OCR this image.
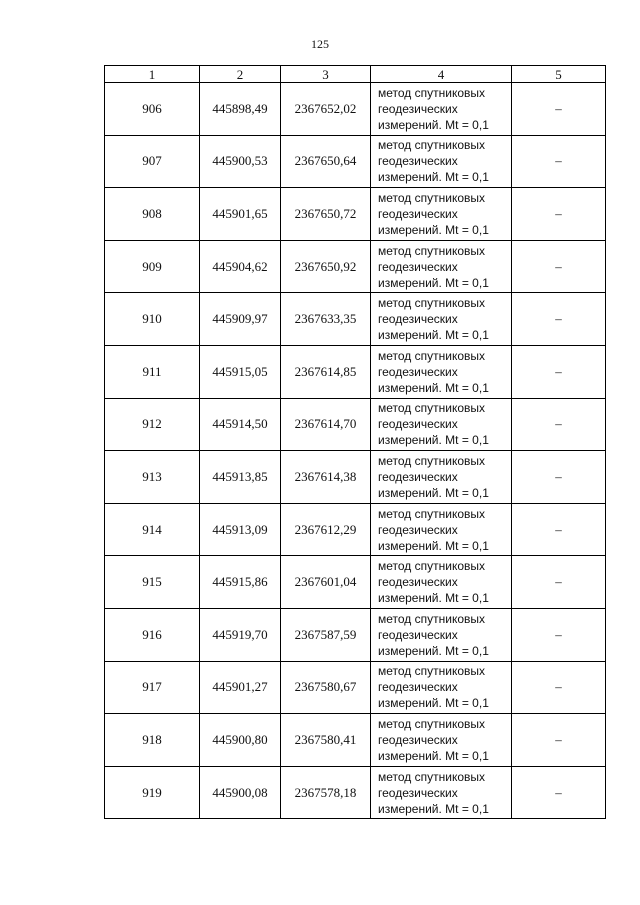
125
1	2	3	4	5
906	445898,49	2367652,02	метод спутниковых
геодезических
измерений. Mt = 0,1	–
907	445900,53	2367650,64	метод спутниковых
геодезических
измерений. Mt = 0,1	–
908	445901,65	2367650,72	метод спутниковых
геодезических
измерений. Mt = 0,1	–
909	445904,62	2367650,92	метод спутниковых
геодезических
измерений. Mt = 0,1	–
910	445909,97	2367633,35	метод спутниковых
геодезических
измерений. Mt = 0,1	–
911	445915,05	2367614,85	метод спутниковых
геодезических
измерений. Mt = 0,1	–
912	445914,50	2367614,70	метод спутниковых
геодезических
измерений. Mt = 0,1	–
913	445913,85	2367614,38	метод спутниковых
геодезических
измерений. Mt = 0,1	–
914	445913,09	2367612,29	метод спутниковых
геодезических
измерений. Mt = 0,1	–
915	445915,86	2367601,04	метод спутниковых
геодезических
измерений. Mt = 0,1	–
916	445919,70	2367587,59	метод спутниковых
геодезических
измерений. Mt = 0,1	–
917	445901,27	2367580,67	метод спутниковых
геодезических
измерений. Mt = 0,1	–
918	445900,80	2367580,41	метод спутниковых
геодезических
измерений. Mt = 0,1	–
919	445900,08	2367578,18	метод спутниковых
геодезических
измерений. Mt = 0,1	–
